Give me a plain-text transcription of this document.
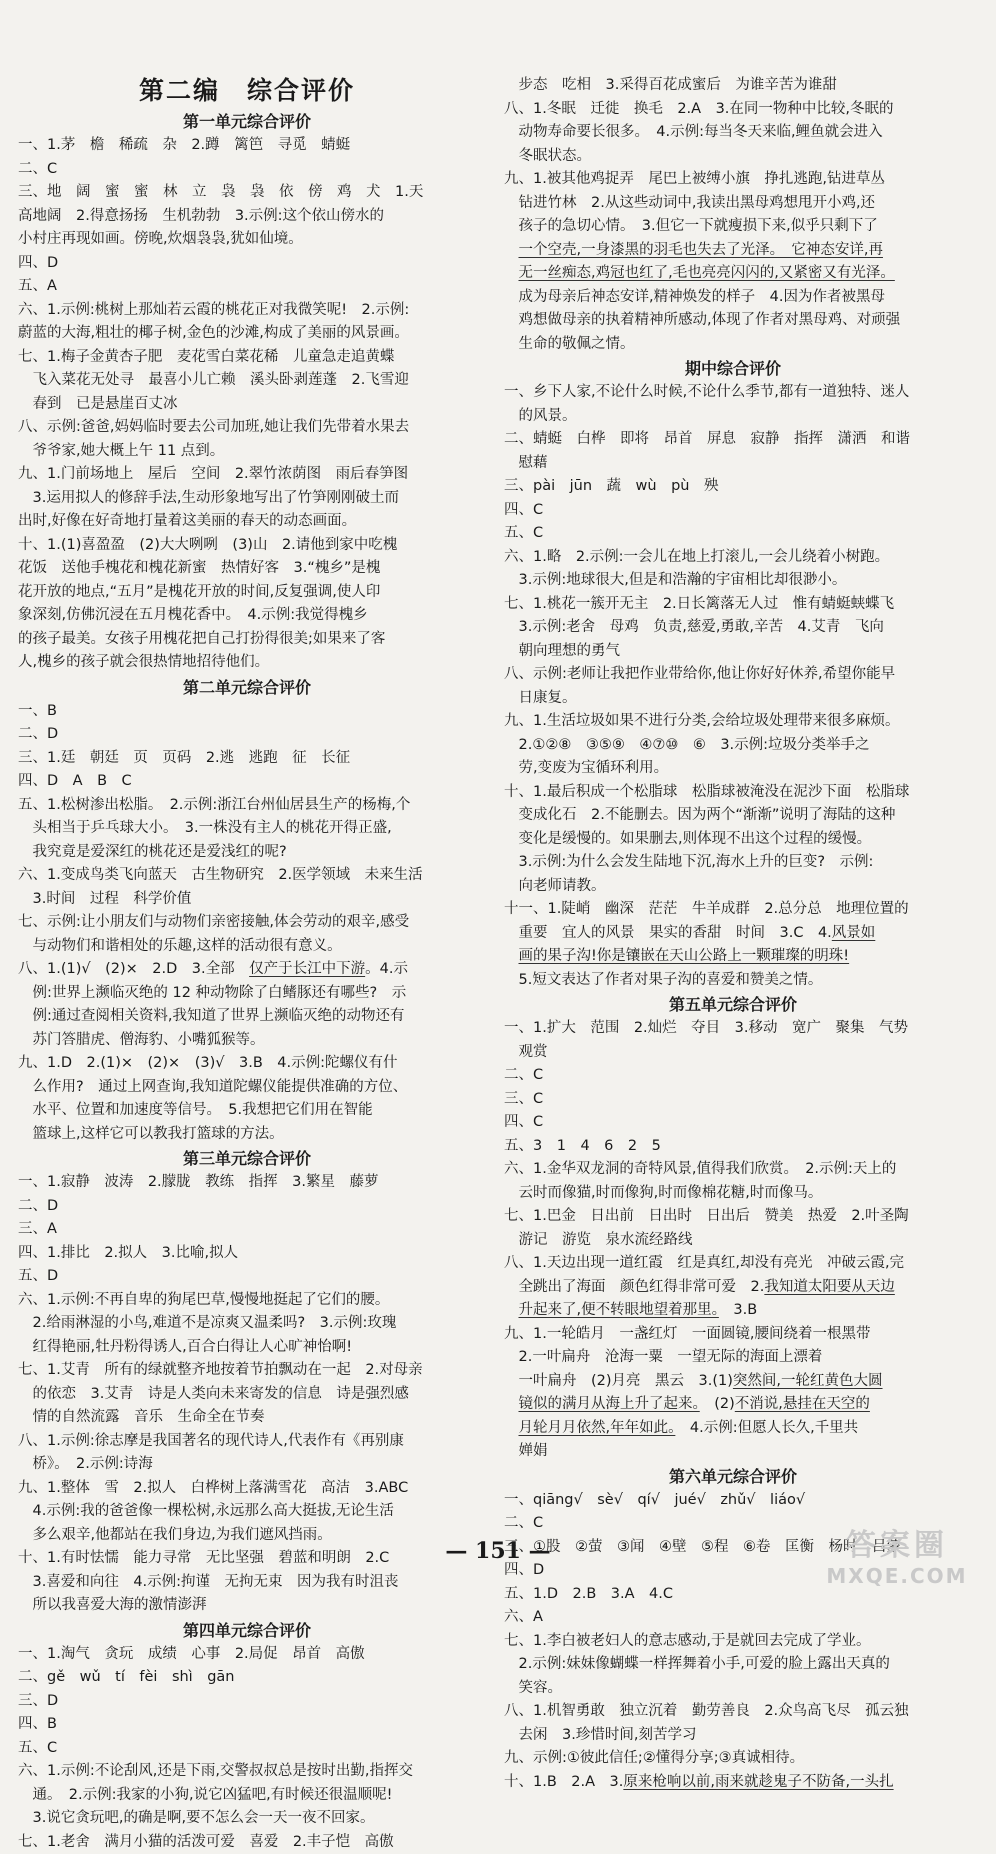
第二编　综合评价
第一单元综合评价
一、1.茅　檐　稀疏　杂　2.蹲　篱笆　寻觅　蜻蜓
二、C
三、地　阔　蜜　蜜　林　立　袅　袅　依　傍　鸡　犬　1.天
高地阔　2.得意扬扬　生机勃勃　3.示例:这个依山傍水的
小村庄再现如画。傍晚,炊烟袅袅,犹如仙境。
四、D
五、A
六、1.示例:桃树上那灿若云霞的桃花正对我微笑呢!　2.示例:
蔚蓝的大海,粗壮的椰子树,金色的沙滩,构成了美丽的风景画。
七、1.梅子金黄杏子肥　麦花雪白菜花稀　儿童急走追黄蝶
　飞入菜花无处寻　最喜小儿亡赖　溪头卧剥莲蓬　2.飞雪迎
　春到　已是悬崖百丈冰
八、示例:爸爸,妈妈临时要去公司加班,她让我们先带着水果去
　爷爷家,她大概上午 11 点到。
九、1.门前场地上　屋后　空间　2.翠竹浓荫图　雨后春笋图
　3.运用拟人的修辞手法,生动形象地写出了竹笋刚刚破土而
出时,好像在好奇地打量着这美丽的春天的动态画面。
十、1.(1)喜盈盈　(2)大大咧咧　(3)山　2.请他到家中吃槐
花饭　送他手槐花和槐花新蜜　热情好客　3.“槐乡”是槐
花开放的地点,“五月”是槐花开放的时间,反复强调,使人印
象深刻,仿佛沉浸在五月槐花香中。　4.示例:我觉得槐乡
的孩子最美。女孩子用槐花把自己打扮得很美;如果来了客
人,槐乡的孩子就会很热情地招待他们。
第二单元综合评价
一、B
二、D
三、1.廷　朝廷　页　页码　2.逃　逃跑　征　长征
四、D　A　B　C
五、1.松树渗出松脂。　2.示例:浙江台州仙居县生产的杨梅,个
　头相当于乒乓球大小。　3.一株没有主人的桃花开得正盛,
　我究竟是爱深红的桃花还是爱浅红的呢?
六、1.变成鸟类飞向蓝天　古生物研究　2.医学领域　未来生活
　3.时间　过程　科学价值
七、示例:让小朋友们与动物们亲密接触,体会劳动的艰辛,感受
　与动物们和谐相处的乐趣,这样的活动很有意义。
八、1.(1)√　(2)×　2.D　3.全部　仅产于长江中下游。4.示
　例:世界上濒临灭绝的 12 种动物除了白鳍豚还有哪些?　示
　例:通过查阅相关资料,我知道了世界上濒临灭绝的动物还有
　苏门答腊虎、僧海豹、小嘴狐猴等。
九、1.D　2.(1)×　(2)×　(3)√　3.B　4.示例:陀螺仪有什
　么作用?　通过上网查询,我知道陀螺仪能提供准确的方位、
　水平、位置和加速度等信号。　5.我想把它们用在智能
　篮球上,这样它可以教我打篮球的方法。
第三单元综合评价
一、1.寂静　波涛　2.朦胧　教练　指挥　3.繁星　藤萝
二、D
三、A
四、1.排比　2.拟人　3.比喻,拟人
五、D
六、1.示例:不再自卑的狗尾巴草,慢慢地挺起了它们的腰。
　2.给雨淋湿的小鸟,难道不是凉爽又温柔吗?　3.示例:玫瑰
　红得艳丽,牡丹粉得诱人,百合白得让人心旷神怡啊!
七、1.艾青　所有的绿就整齐地按着节拍飘动在一起　2.对母亲
　的依恋　3.艾青　诗是人类向未来寄发的信息　诗是强烈感
　情的自然流露　音乐　生命全在节奏
八、1.示例:徐志摩是我国著名的现代诗人,代表作有《再别康
　桥》。　2.示例:诗海
九、1.整体　雪　2.拟人　白桦树上落满雪花　高洁　3.ABC
　4.示例:我的爸爸像一棵松树,永远那么高大挺拔,无论生活
　多么艰辛,他都站在我们身边,为我们遮风挡雨。
十、1.有时怯懦　能力寻常　无比坚强　碧蓝和明朗　2.C
　3.喜爱和向往　4.示例:拘谨　无拘无束　因为我有时沮丧
　所以我喜爱大海的激情澎湃
第四单元综合评价
一、1.淘气　贪玩　成绩　心事　2.局促　昂首　高傲
二、gě　wǔ　tí　fèi　shì　gān
三、D
四、B
五、C
六、1.示例:不论刮风,还是下雨,交警叔叔总是按时出勤,指挥交
　通。　2.示例:我家的小狗,说它凶猛吧,有时候还很温顺呢!
　3.说它贪玩吧,的确是啊,要不怎么会一天一夜不回家。
七、1.老舍　满月小猫的活泼可爱　喜爱　2.丰子恺　高傲
　步态　吃相　3.采得百花成蜜后　为谁辛苦为谁甜
八、1.冬眠　迁徙　换毛　2.A　3.在同一物种中比较,冬眠的
　动物寿命要长很多。　4.示例:每当冬天来临,鲤鱼就会进入
　冬眠状态。
九、1.被其他鸡捉弄　尾巴上被缚小旗　挣扎逃跑,钻进草丛
　钻进竹林　2.从这些动词中,我读出黑母鸡想甩开小鸡,还
　孩子的急切心情。　3.但它一下就瘦损下来,似乎只剩下了
　一个空壳,一身漆黑的羽毛也失去了光泽。　它神态安详,再
　无一丝痴态,鸡冠也红了,毛也亮亮闪闪的,又紧密又有光泽。
　成为母亲后神态安详,精神焕发的样子　4.因为作者被黑母
　鸡想做母亲的执着精神所感动,体现了作者对黑母鸡、对顽强
　生命的敬佩之情。
期中综合评价
一、乡下人家,不论什么时候,不论什么季节,都有一道独特、迷人
　的风景。
二、蜻蜓　白桦　即将　昂首　屏息　寂静　指挥　潇洒　和谐
　慰藉
三、pài　jūn　蔬　wù　pù　殃
四、C
五、C
六、1.略　2.示例:一会儿在地上打滚儿,一会儿绕着小树跑。
　3.示例:地球很大,但是和浩瀚的宇宙相比却很渺小。
七、1.桃花一簇开无主　2.日长篱落无人过　惟有蜻蜓蛱蝶飞
　3.示例:老舍　母鸡　负责,慈爱,勇敢,辛苦　4.艾青　飞向
　朝向理想的勇气
八、示例:老师让我把作业带给你,他让你好好休养,希望你能早
　日康复。
九、1.生活垃圾如果不进行分类,会给垃圾处理带来很多麻烦。
　2.①②⑧　③⑤⑨　④⑦⑩　⑥　3.示例:垃圾分类举手之
　劳,变废为宝循环利用。
十、1.最后积成一个松脂球　松脂球被淹没在泥沙下面　松脂球
　变成化石　2.不能删去。因为两个“渐渐”说明了海陆的这种
　变化是缓慢的。如果删去,则体现不出这个过程的缓慢。
　3.示例:为什么会发生陆地下沉,海水上升的巨变?　示例:
　向老师请教。
十一、1.陡峭　幽深　茫茫　牛羊成群　2.总分总　地理位置的
　重要　宜人的风景　果实的香甜　时间　3.C　4.风景如
　画的果子沟!你是镶嵌在天山公路上一颗璀璨的明珠!
　5.短文表达了作者对果子沟的喜爱和赞美之情。
第五单元综合评价
一、1.扩大　范围　2.灿烂　夺目　3.移动　宽广　聚集　气势
　观赏
二、C
三、C
四、C
五、3　1　4　6　2　5
六、1.金华双龙洞的奇特风景,值得我们欣赏。　2.示例:天上的
　云时而像猫,时而像狗,时而像棉花糖,时而像马。
七、1.巴金　日出前　日出时　日出后　赞美　热爱　2.叶圣陶
　游记　游览　泉水流经路线
八、1.天边出现一道红霞　红是真红,却没有亮光　冲破云霞,完
　全跳出了海面　颜色红得非常可爱　2.我知道太阳要从天边
　升起来了,便不转眼地望着那里。　3.B
九、1.一轮皓月　一盏红灯　一面圆镜,腰间绕着一根黑带
　2.一叶扁舟　沧海一粟　一望无际的海面上漂着
　一叶扁舟　(2)月亮　黑云　3.(1)突然间,一轮红黄色大圆
　镜似的满月从海上升了起来。　(2)不消说,悬挂在天空的
　月轮月月依然,年年如此。　4.示例:但愿人长久,千里共
　婵娟
第六单元综合评价
一、qiāng√　sè√　qí√　jué√　zhǔ√　liáo√
二、C
三、①股　②萤　③闻　④壁　⑤程　⑥卷　匡衡　杨时　吕蒙
四、D
五、1.D　2.B　3.A　4.C
六、A
七、1.李白被老妇人的意志感动,于是就回去完成了学业。
　2.示例:妹妹像蝴蝶一样挥舞着小手,可爱的脸上露出天真的
　笑容。
八、1.机智勇敢　独立沉着　勤劳善良　2.众鸟高飞尽　孤云独
　去闲　3.珍惜时间,刻苦学习
九、示例:①彼此信任;②懂得分享;③真诚相待。
十、1.B　2.A　3.原来枪响以前,雨来就趁鬼子不防备,一头扎
— 151 —	答案圈
MXQE.COM
